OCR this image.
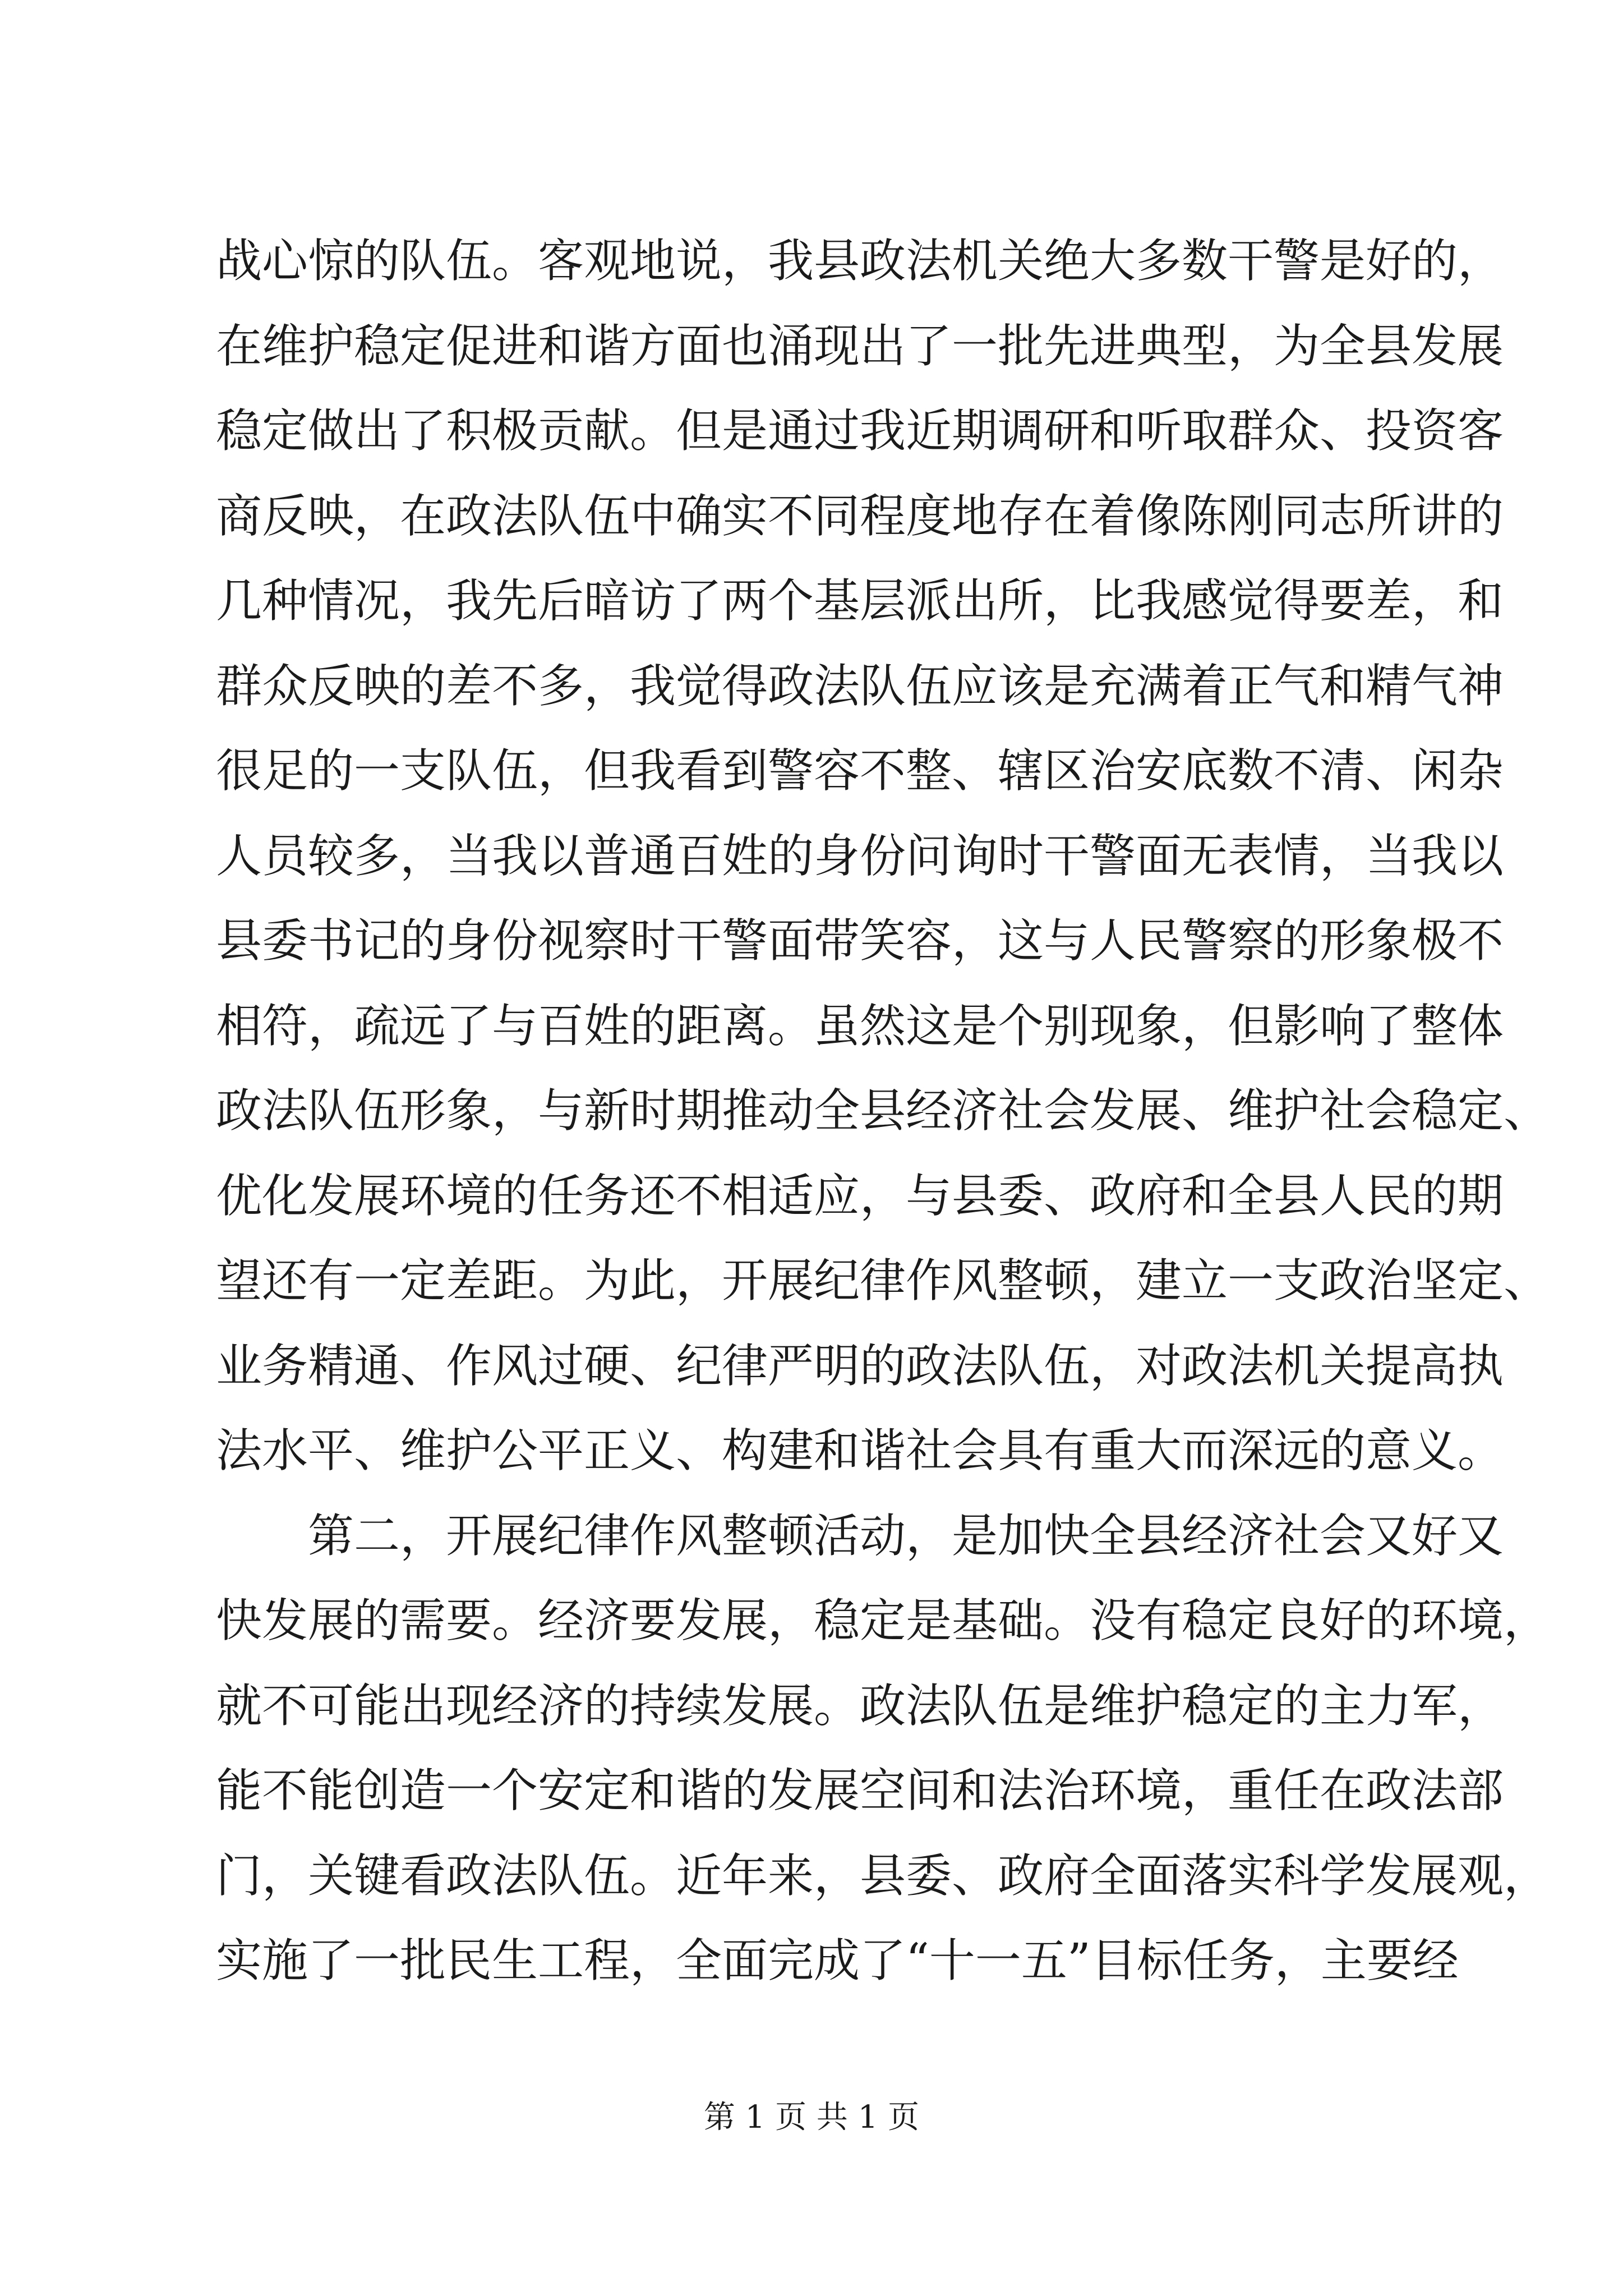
战心惊的队伍。客观地说，我县政法机关绝大多数干警是好的，
在维护稳定促进和谐方面也涌现出了一批先进典型，为全县发展
稳定做出了积极贡献。但是通过我近期调研和听取群众、投资客
商反映，在政法队伍中确实不同程度地存在着像陈刚同志所讲的
几种情况，我先后暗访了两个基层派出所，比我感觉得要差，和
群众反映的差不多，我觉得政法队伍应该是充满着正气和精气神
很足的一支队伍，但我看到警容不整、辖区治安底数不清、闲杂
人员较多，当我以普通百姓的身份问询时干警面无表情，当我以
县委书记的身份视察时干警面带笑容，这与人民警察的形象极不
相符，疏远了与百姓的距离。虽然这是个别现象，但影响了整体
政法队伍形象，与新时期推动全县经济社会发展、维护社会稳定、
优化发展环境的任务还不相适应，与县委、政府和全县人民的期
望还有一定差距。为此，开展纪律作风整顿，建立一支政治坚定、
业务精通、作风过硬、纪律严明的政法队伍，对政法机关提高执
法水平、维护公平正义、构建和谐社会具有重大而深远的意义。
　　第二，开展纪律作风整顿活动，是加快全县经济社会又好又
快发展的需要。经济要发展，稳定是基础。没有稳定良好的环境，
就不可能出现经济的持续发展。政法队伍是维护稳定的主力军，
能不能创造一个安定和谐的发展空间和法治环境，重任在政法部
门，关键看政法队伍。近年来，县委、政府全面落实科学发展观，
实施了一批民生工程，全面完成了“十一五”目标任务，主要经
第 1 页 共 1 页
